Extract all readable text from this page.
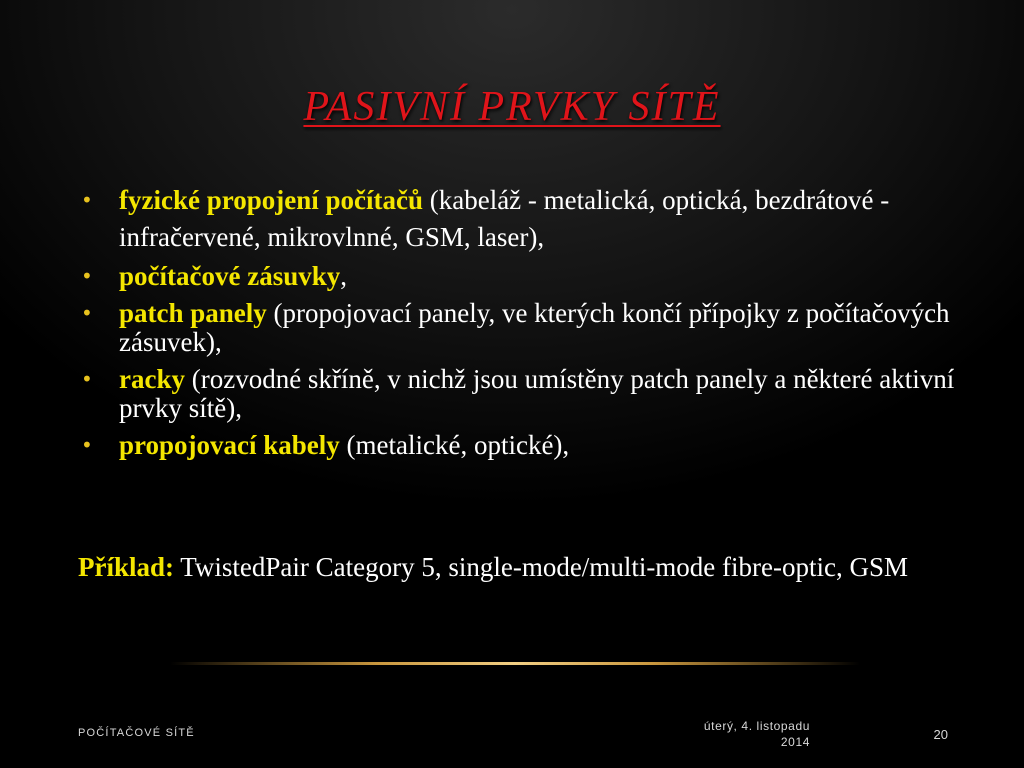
PASIVNÍ PRVKY SÍTĚ
• fyzické propojení počítačů (kabeláž - metalická, optická, bezdrátové - infračervené, mikrovlnné, GSM, laser),
• počítačové zásuvky,
• patch panely (propojovací panely, ve kterých končí přípojky z počítačových zásuvek),
• racky (rozvodné skříně, v nichž jsou umístěny patch panely a některé aktivní prvky sítě),
• propojovací kabely (metalické, optické),
Příklad: TwistedPair Category 5, single-mode/multi-mode fibre-optic, GSM
POČÍTAČOVÉ SÍTĚ	úterý, 4. listopadu
2014	20
